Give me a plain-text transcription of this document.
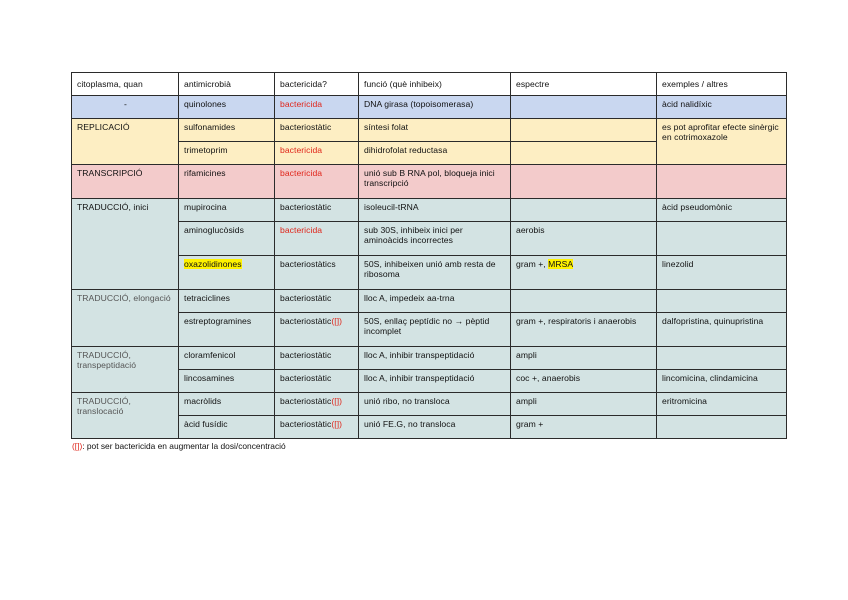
citoplasma, quan	antimicrobià	bactericida?	funció (què inhibeix)	espectre	exemples / altres
-	quinolones	bactericida	DNA girasa (topoisomerasa)		àcid nalidíxic
REPLICACIÓ	sulfonamides	bacteriostàtic	síntesi folat		es pot aprofitar efecte sinèrgic en cotrimoxazole
	trimetoprim	bactericida	dihidrofolat reductasa		
TRANSCRIPCIÓ	rifamicines	bactericida	unió sub B RNA pol, bloqueja inici transcripció		
TRADUCCIÓ, inici	mupirocina	bacteriostàtic	isoleucil-tRNA		àcid pseudomònic
	aminoglucòsids	bactericida	sub 30S, inhibeix inici per aminoàcids incorrectes	aerobis	
	oxazolidinones	bacteriostàtics	50S, inhibeixen unió amb resta de ribosoma	gram +, MRSA	linezolid
TRADUCCIÓ, elongació	tetraciclines	bacteriostàtic	lloc A, impedeix aa-trna		
	estreptogramines	bacteriostàtic([])	50S, enllaç peptídic no → pèptid incomplet	gram +, respiratoris i anaerobis	dalfopristina, quinupristina
TRADUCCIÓ, transpeptidació	cloramfenicol	bacteriostàtic	lloc A, inhibir transpeptidació	ampli	
	lincosamines	bacteriostàtic	lloc A, inhibir transpeptidació	coc +, anaerobis	lincomicina, clindamicina
TRADUCCIÓ, translocació	macròlids	bacteriostàtic([])	unió ribo, no transloca	ampli	eritromicina
	àcid fusídic	bacteriostàtic([])	unió FE.G, no transloca	gram +	
([]): pot ser bactericida en augmentar la dosi/concentració
